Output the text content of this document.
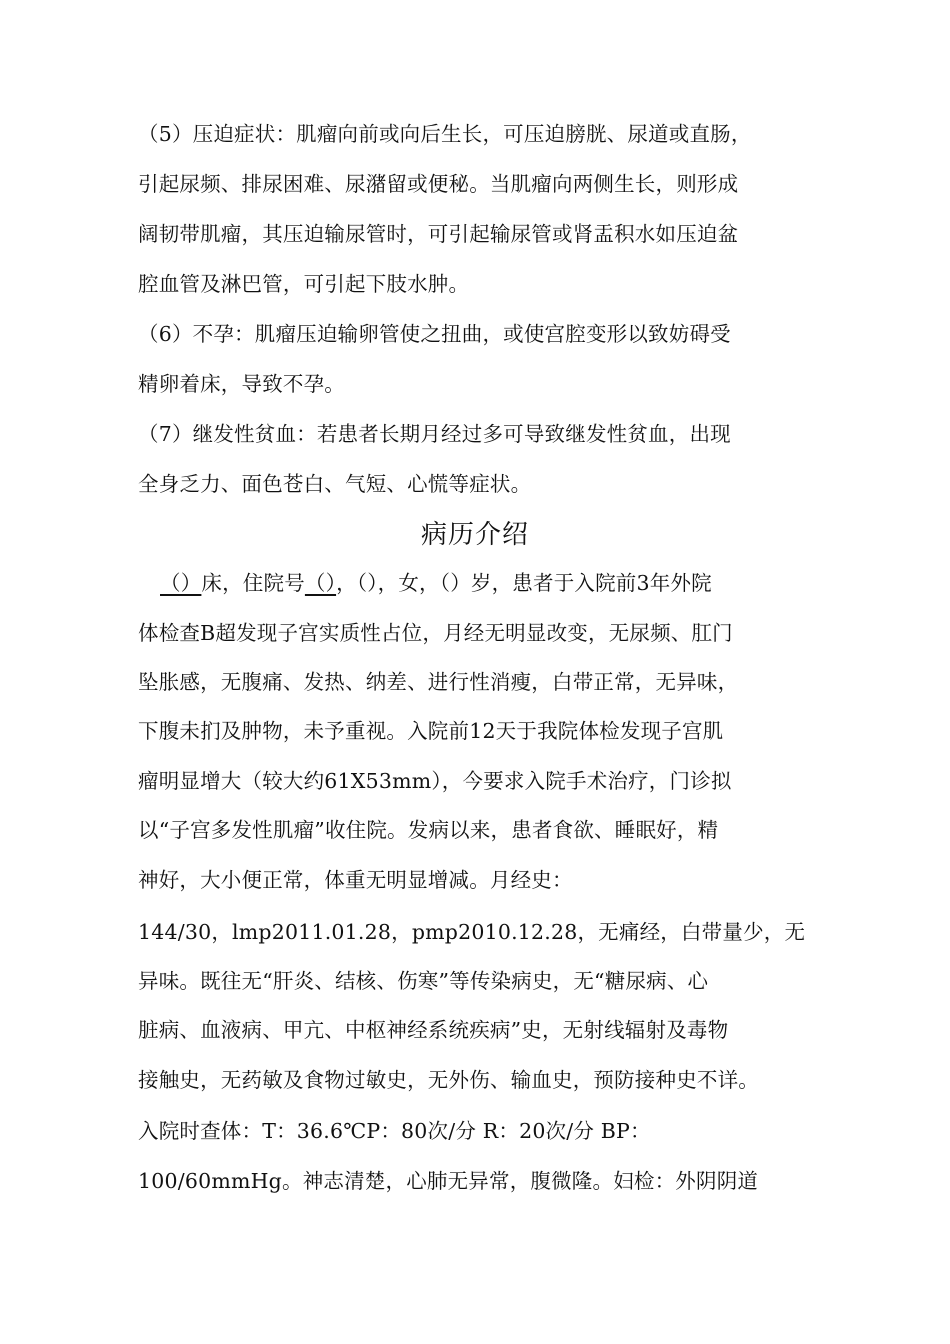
（5）压迫症状：肌瘤向前或向后生长，可压迫膀胱、尿道或直肠，
引起尿频、排尿困难、尿潴留或便秘。当肌瘤向两侧生长，则形成
阔韧带肌瘤，其压迫输尿管时，可引起输尿管或肾盂积水如压迫盆
腔血管及淋巴管，可引起下肢水肿。
（6）不孕：肌瘤压迫输卵管使之扭曲，或使宫腔变形以致妨碍受
精卵着床，导致不孕。
（7）继发性贫血：若患者长期月经过多可导致继发性贫血，出现
全身乏力、面色苍白、气短、心慌等症状。
病历介绍
（）床，住院号（），（），女，（）岁，患者于入院前3年外院
体检查B超发现子宫实质性占位，月经无明显改变，无尿频、肛门
坠胀感，无腹痛、发热、纳差、进行性消瘦，白带正常，无异味，
下腹未扪及肿物，未予重视。入院前12天于我院体检发现子宫肌
瘤明显增大（较大约61X53mm），今要求入院手术治疗，门诊拟
以“子宫多发性肌瘤”收住院。发病以来，患者食欲、睡眠好，精
神好，大小便正常，体重无明显增减。月经史：
144/30，lmp2011.01.28，pmp2010.12.28，无痛经，白带量少，无
异味。既往无“肝炎、结核、伤寒”等传染病史，无“糖尿病、心
脏病、血液病、甲亢、中枢神经系统疾病”史，无射线辐射及毒物
接触史，无药敏及食物过敏史，无外伤、输血史，预防接种史不详。
入院时查体：T：36.6℃P：80次/分 R：20次/分 BP：
100/60mmHg。神志清楚，心肺无异常，腹微隆。妇检：外阴阴道
